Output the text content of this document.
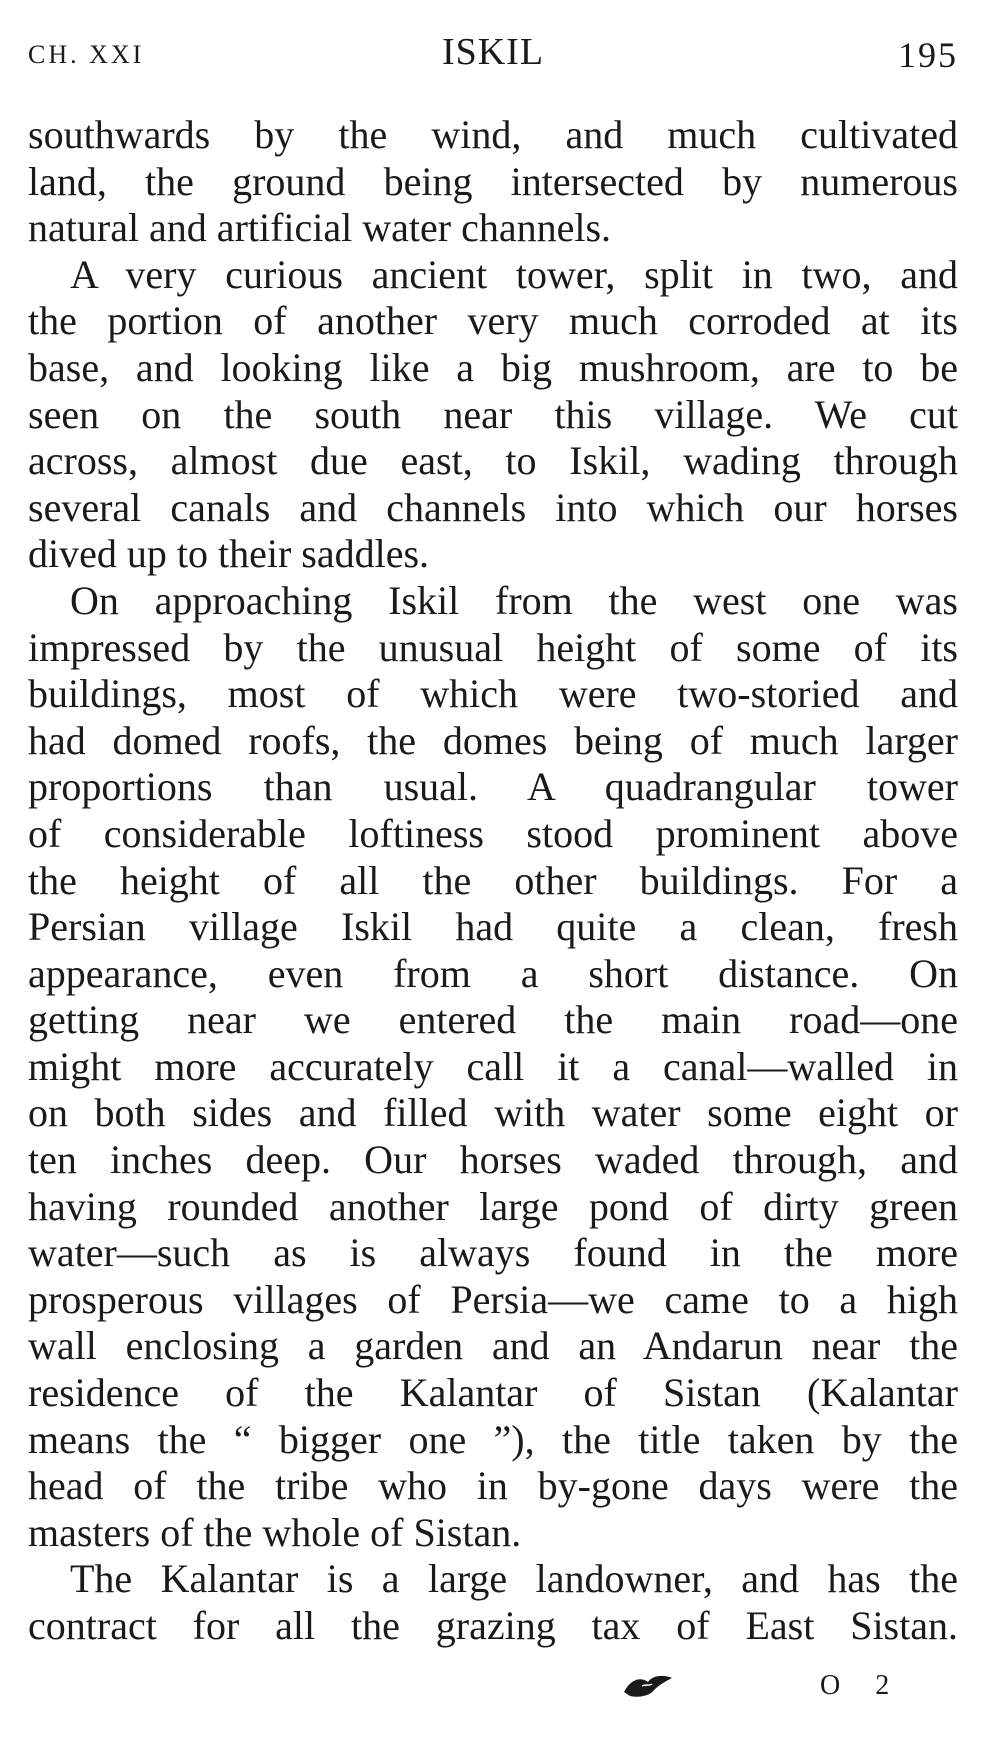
CH. XXI	ISKIL	195
southwards by the wind, and much cultivated
land, the ground being intersected by numerous
natural and artificial water channels.
A very curious ancient tower, split in two, and
the portion of another very much corroded at its
base, and looking like a big mushroom, are to be
seen on the south near this village. We cut
across, almost due east, to Iskil, wading through
several canals and channels into which our horses
dived up to their saddles.
On approaching Iskil from the west one was
impressed by the unusual height of some of its
buildings, most of which were two-storied and
had domed roofs, the domes being of much larger
proportions than usual. A quadrangular tower
of considerable loftiness stood prominent above
the height of all the other buildings. For a
Persian village Iskil had quite a clean, fresh
appearance, even from a short distance. On
getting near we entered the main road—one
might more accurately call it a canal—walled in
on both sides and filled with water some eight or
ten inches deep. Our horses waded through, and
having rounded another large pond of dirty green
water—such as is always found in the more
prosperous villages of Persia—we came to a high
wall enclosing a garden and an Andarun near the
residence of the Kalantar of Sistan (Kalantar
means the “ bigger one ”), the title taken by the
head of the tribe who in by-gone days were the
masters of the whole of Sistan.
The Kalantar is a large landowner, and has the
contract for all the grazing tax of East Sistan.
O 2
